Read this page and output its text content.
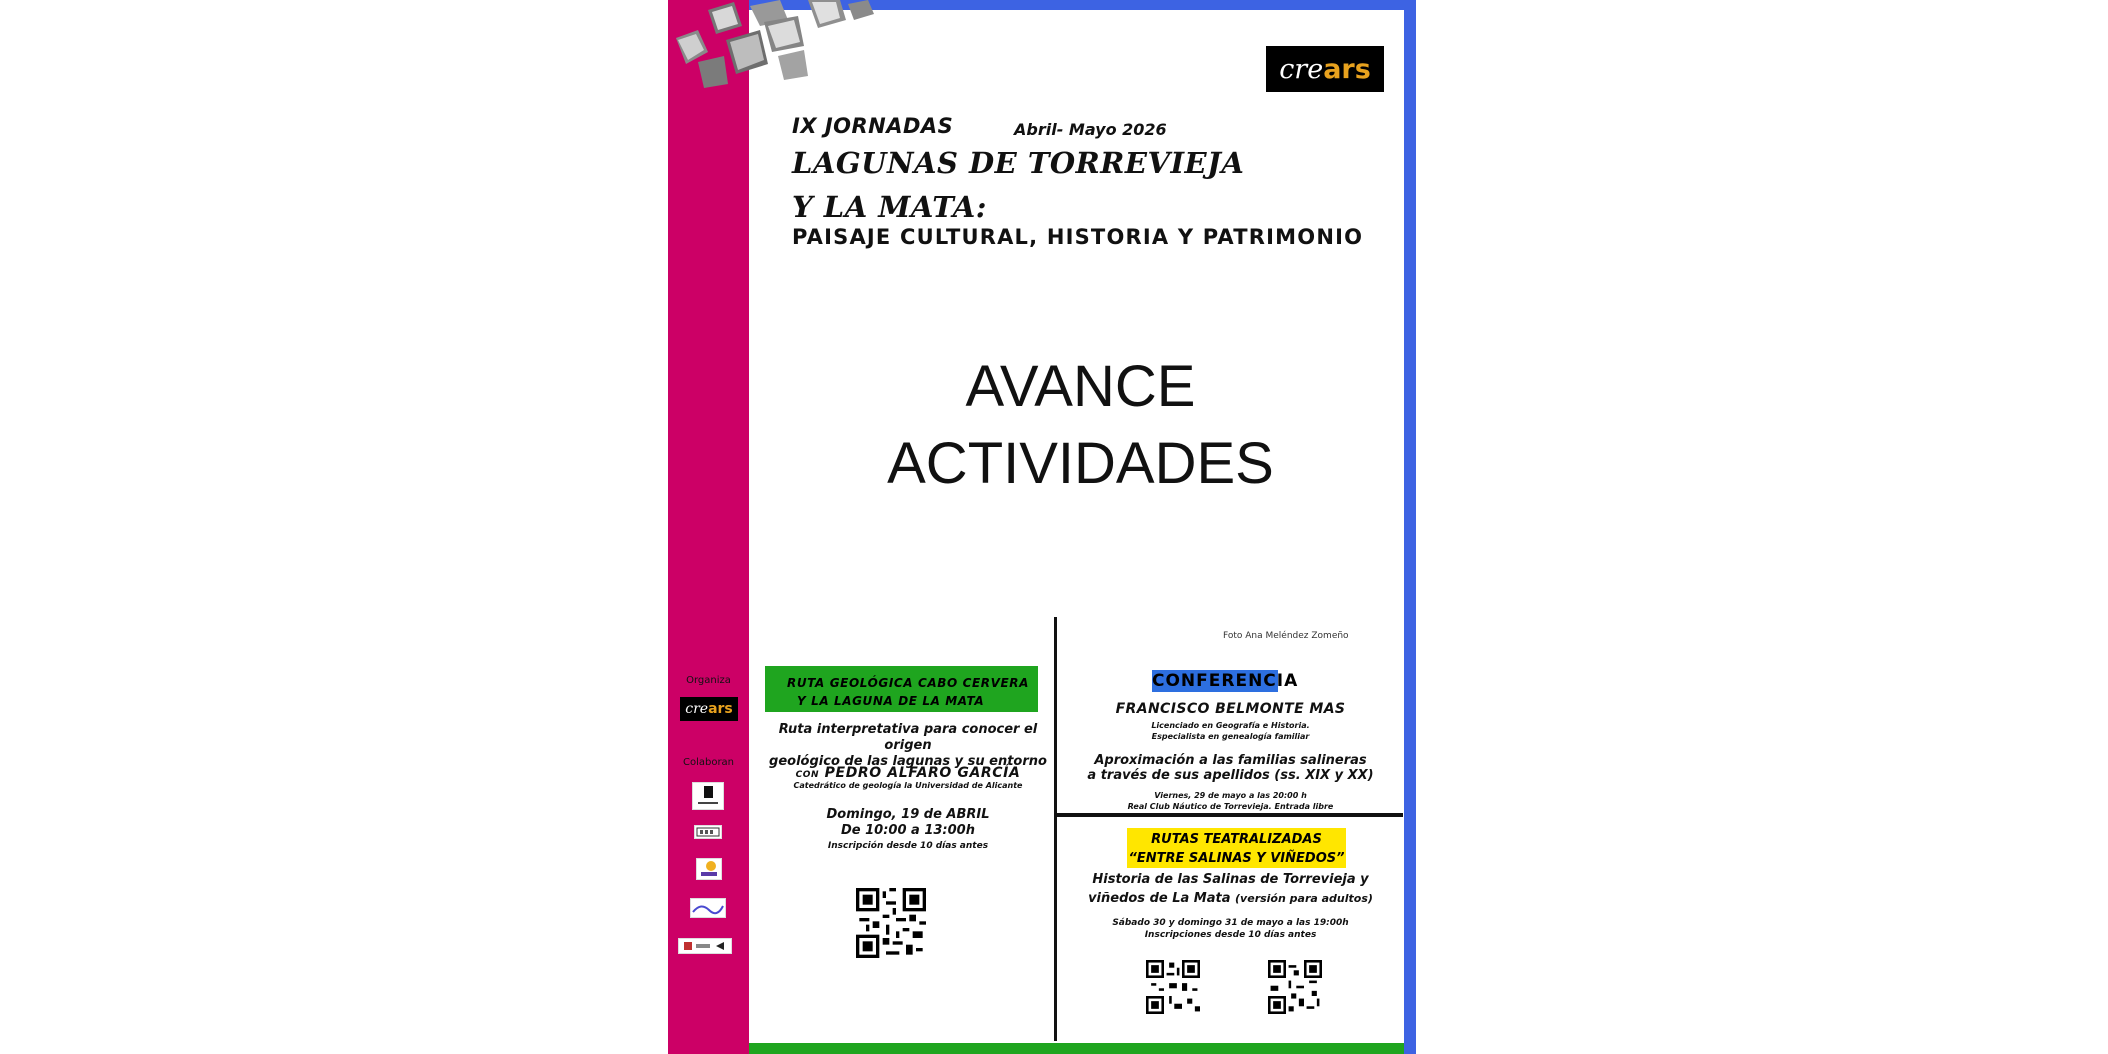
cre ars
IX JORNADAS	Abril- Mayo 2026
LAGUNAS DE TORREVIEJA
Y LA MATA:
PAISAJE CULTURAL, HISTORIA Y PATRIMONIO
AVANCE
ACTIVIDADES
Foto Ana Meléndez Zomeño
Organiza
cre ars
Colaboran
RUTA GEOLÓGICA CABO CERVERA
Y LA LAGUNA DE LA MATA
Ruta interpretativa para conocer el origen
geológico de las lagunas y su entorno
CON PEDRO ALFARO GARCÍA
Catedrático de geología la Universidad de Alicante
Domingo, 19 de ABRIL
De 10:00 a 13:00h
Inscripción desde 10 días antes
CONFERENCIA
FRANCISCO BELMONTE MAS
Licenciado en Geografía e Historia.
Especialista en genealogía familiar
Aproximación a las familias salineras
a través de sus apellidos (ss. XIX y XX)
Viernes, 29 de mayo a las 20:00 h
Real Club Náutico de Torrevieja. Entrada libre
RUTAS TEATRALIZADAS
“ENTRE SALINAS Y VIÑEDOS”
Historia de las Salinas de Torrevieja y
viñedos de La Mata (versión para adultos)
Sábado 30 y domingo 31 de mayo a las 19:00h
Inscripciones desde 10 días antes
